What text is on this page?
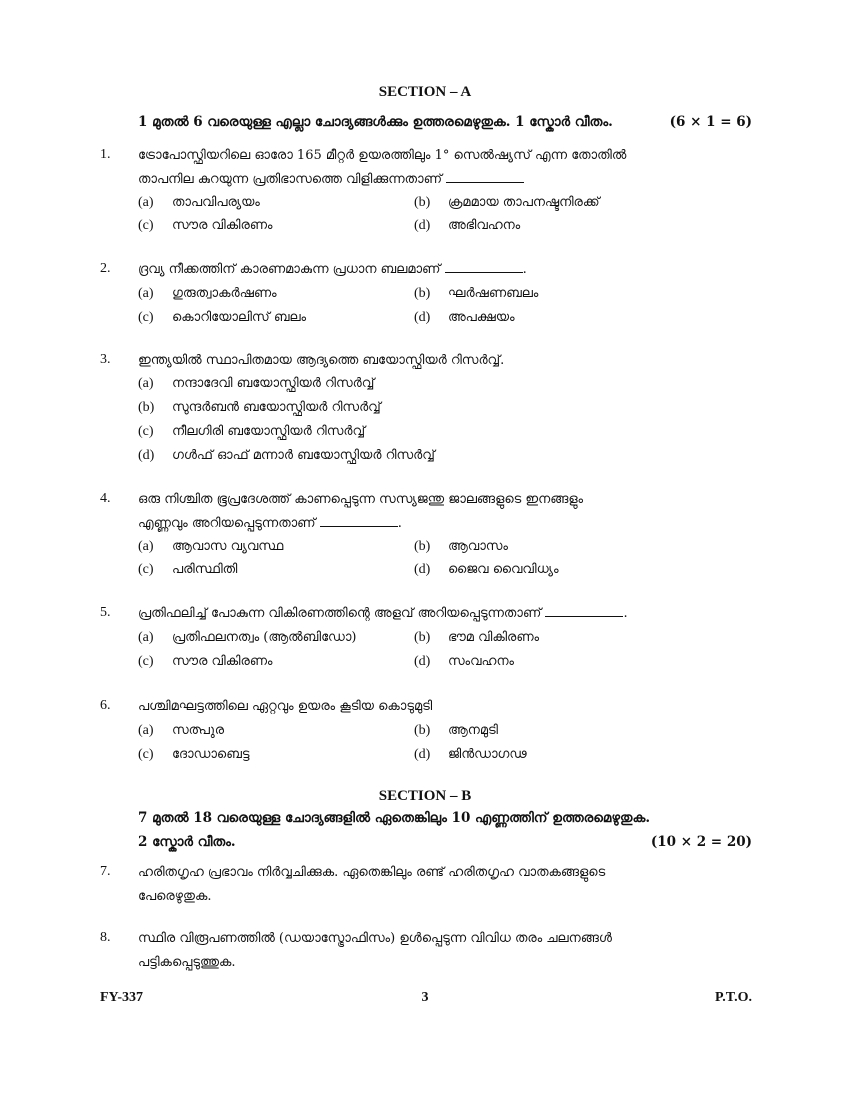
SECTION – A
1 മുതൽ 6 വരെയുള്ള എല്ലാ ചോദ്യങ്ങൾക്കും ഉത്തരമെഴുതുക. 1 സ്കോർ വീതം.	(6 × 1 = 6)
1. ട്രോപോസ്ഫിയറിലെ ഓരോ 165 മീറ്റർ ഉയരത്തിലും 1° സെൽഷ്യസ് എന്ന തോതിൽ
താപനില കുറയുന്ന പ്രതിഭാസത്തെ വിളിക്കുന്നതാണ്
(a) താപവിപര്യയം	(b) ക്രമമായ താപനഷ്ടനിരക്ക്
(c) സൗര വികിരണം	(d) അഭിവഹനം
2. ദ്രവ്യ നീക്കത്തിന് കാരണമാകുന്ന പ്രധാന ബലമാണ്	.
(a) ഗുരുത്വാകർഷണം	(b) ഘർഷണബലം
(c) കൊറിയോലിസ് ബലം	(d) അപക്ഷയം
3. ഇന്ത്യയിൽ സ്ഥാപിതമായ ആദ്യത്തെ ബയോസ്ഫിയർ റിസർവ്വ്.
(a) നന്ദാദേവി ബയോസ്ഫിയർ റിസർവ്വ്
(b) സുന്ദർബൻ ബയോസ്ഫിയർ റിസർവ്വ്
(c) നീലഗിരി ബയോസ്ഫിയർ റിസർവ്വ്
(d) ഗൾഫ് ഓഫ് മന്നാർ ബയോസ്ഫിയർ റിസർവ്വ്
4. ഒരു നിശ്ചിത ഭൂപ്രദേശത്ത് കാണപ്പെടുന്ന സസ്യജന്തു ജാലങ്ങളുടെ ഇനങ്ങളും
എണ്ണവും അറിയപ്പെടുന്നതാണ്	.
(a) ആവാസ വ്യവസ്ഥ	(b) ആവാസം
(c) പരിസ്ഥിതി	(d) ജൈവ വൈവിധ്യം
5. പ്രതിഫലിച്ച് പോകുന്ന വികിരണത്തിന്റെ അളവ് അറിയപ്പെടുന്നതാണ്	.
(a) പ്രതിഫലനത്വം (ആൽബിഡോ)	(b) ഭൗമ വികിരണം
(c) സൗര വികിരണം	(d) സംവഹനം
6. പശ്ചിമഘട്ടത്തിലെ ഏറ്റവും ഉയരം കൂടിയ കൊടുമുടി
(a) സത്പുര	(b) ആനമുടി
(c) ദോഡാബെട്ട	(d) ജിൻഡാഗഢ
SECTION – B
7 മുതൽ 18 വരെയുള്ള ചോദ്യങ്ങളിൽ ഏതെങ്കിലും 10 എണ്ണത്തിന് ഉത്തരമെഴുതുക.
2 സ്കോർ വീതം.	(10 × 2 = 20)
7. ഹരിതഗൃഹ പ്രഭാവം നിർവ്വചിക്കുക. ഏതെങ്കിലും രണ്ട് ഹരിതഗൃഹ വാതകങ്ങളുടെ
പേരെഴുതുക.
8. സ്ഥിര വിരൂപണത്തിൽ (ഡയാസ്ട്രോഫിസം) ഉൾപ്പെടുന്ന വിവിധ തരം ചലനങ്ങൾ
പട്ടികപ്പെടുത്തുക.
FY-337	3	P.T.O.
